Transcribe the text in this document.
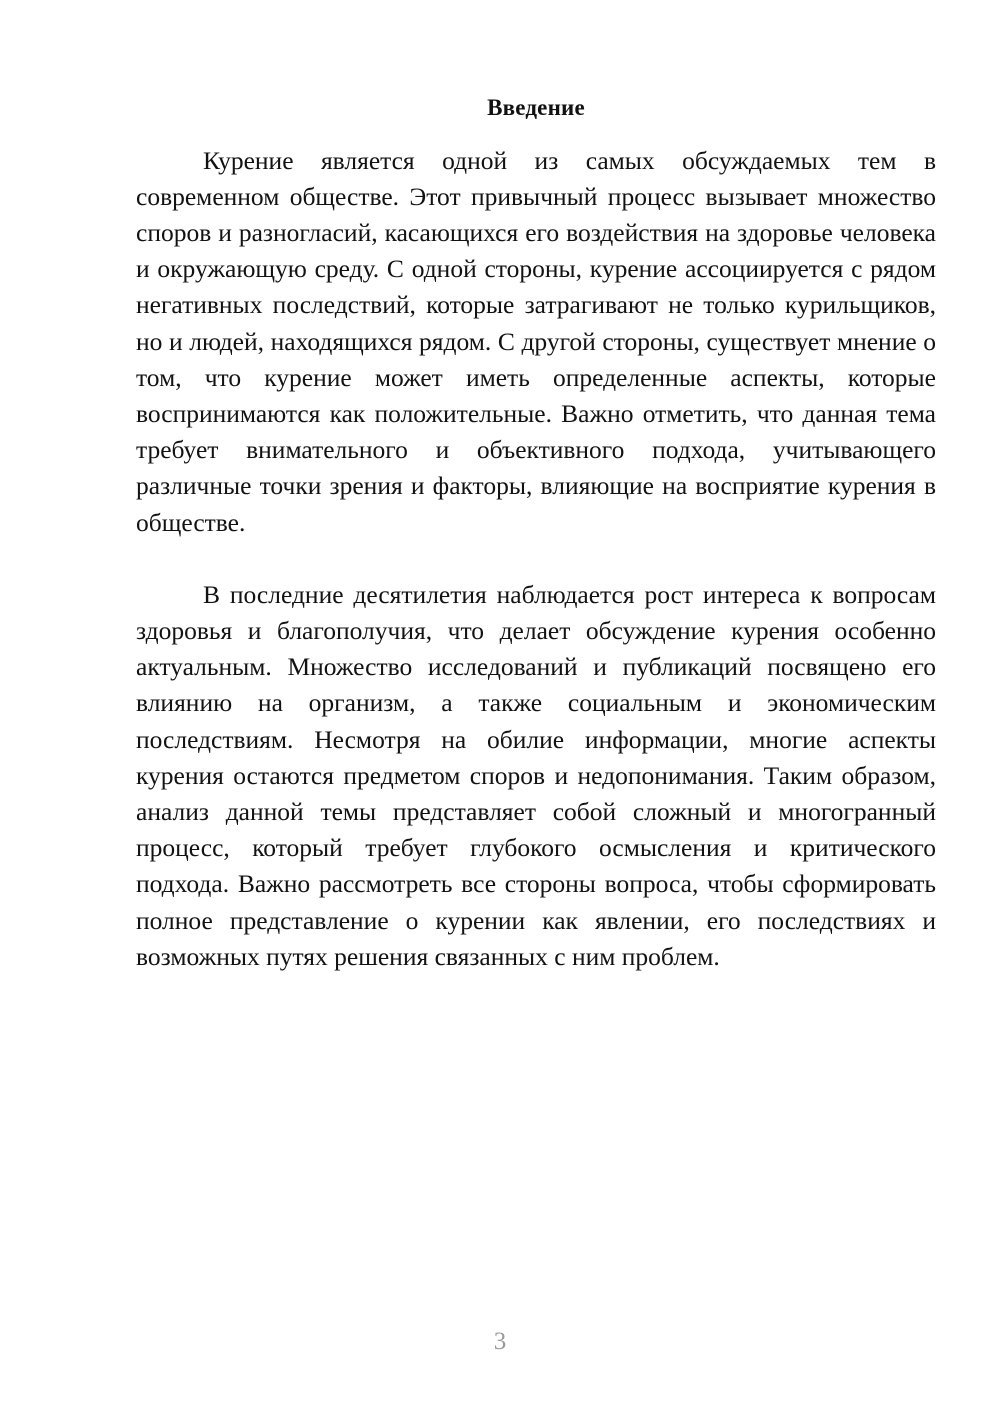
Введение

Курение является одной из самых обсуждаемых тем в современном обществе. Этот привычный процесс вызывает множество споров и разногласий, касающихся его воздействия на здоровье человека и окружающую среду. С одной стороны, курение ассоциируется с рядом негативных последствий, которые затрагивают не только курильщиков, но и людей, находящихся рядом. С другой стороны, существует мнение о том, что курение может иметь определенные аспекты, которые воспринимаются как положительные. Важно отметить, что данная тема требует внимательного и объективного подхода, учитывающего различные точки зрения и факторы, влияющие на восприятие курения в обществе.

В последние десятилетия наблюдается рост интереса к вопросам здоровья и благополучия, что делает обсуждение курения особенно актуальным. Множество исследований и публикаций посвящено его влиянию на организм, а также социальным и экономическим последствиям. Несмотря на обилие информации, многие аспекты курения остаются предметом споров и недопонимания. Таким образом, анализ данной темы представляет собой сложный и многогранный процесс, который требует глубокого осмысления и критического подхода. Важно рассмотреть все стороны вопроса, чтобы сформировать полное представление о курении как явлении, его последствиях и возможных путях решения связанных с ним проблем.

3
